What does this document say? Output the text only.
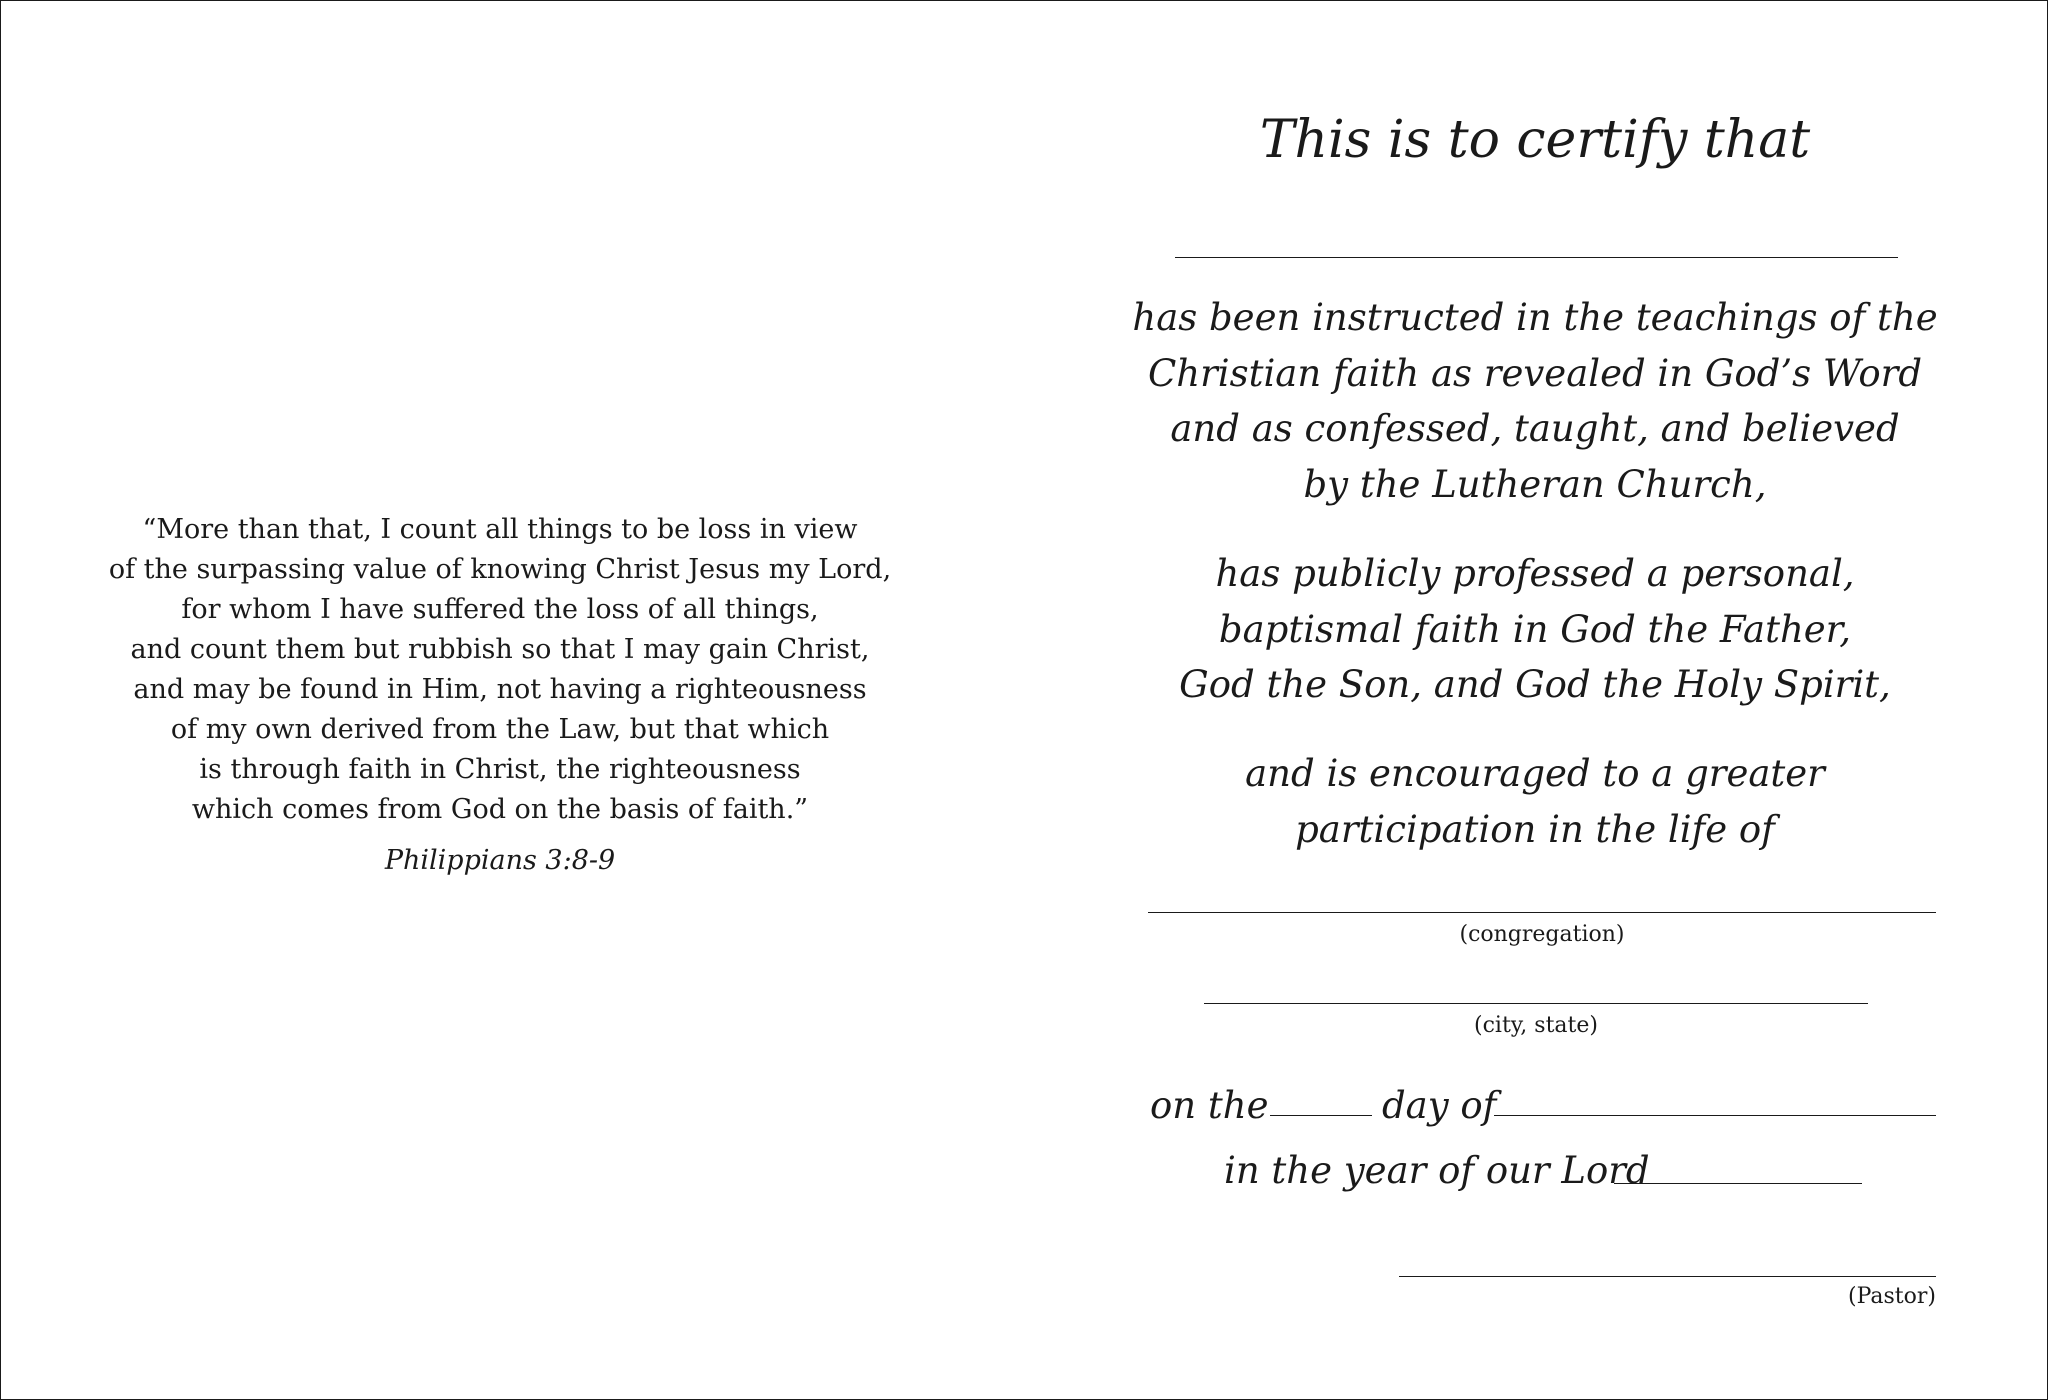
“More than that, I count all things to be loss in view
of the surpassing value of knowing Christ Jesus my Lord,
for whom I have suffered the loss of all things,
and count them but rubbish so that I may gain Christ,
and may be found in Him, not having a righteousness
of my own derived from the Law, but that which
is through faith in Christ, the righteousness
which comes from God on the basis of faith.”
Philippians 3:8-9
This is to certify that
has been instructed in the teachings of the
Christian faith as revealed in God’s Word
and as confessed, taught, and believed
by the Lutheran Church,
has publicly professed a personal,
baptismal faith in God the Father,
God the Son, and God the Holy Spirit,
and is encouraged to a greater
participation in the life of
(congregation)
(city, state)
on the	day of
in the year of our Lord
(Pastor)
